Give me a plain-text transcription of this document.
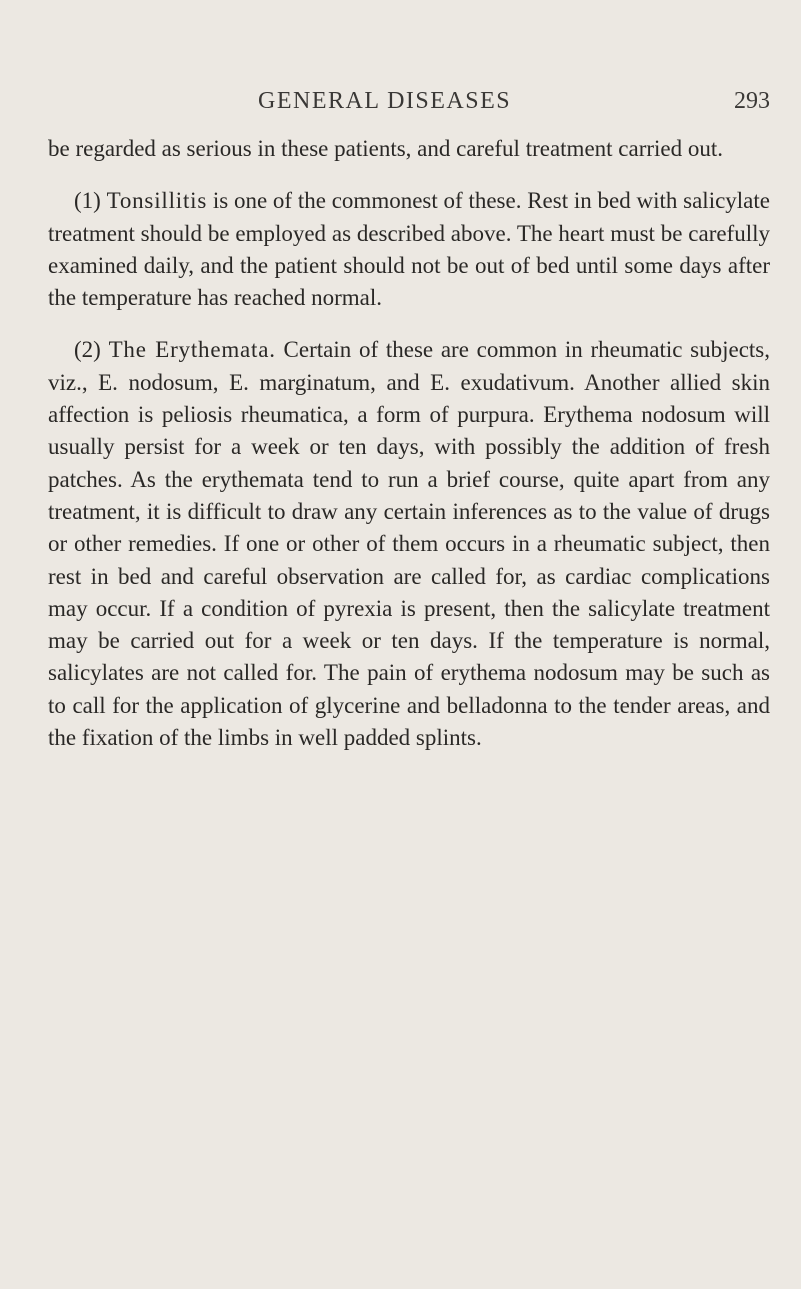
GENERAL DISEASES	293

be regarded as serious in these patients, and careful treatment carried out.

(1) Tonsillitis is one of the commonest of these. Rest in bed with salicylate treatment should be employed as described above. The heart must be carefully examined daily, and the patient should not be out of bed until some days after the temperature has reached normal.

(2) The Erythemata. Certain of these are common in rheumatic subjects, viz., E. nodosum, E. marginatum, and E. exudativum. Another allied skin affection is peliosis rheumatica, a form of purpura. Erythema nodosum will usually persist for a week or ten days, with possibly the addition of fresh patches. As the erythemata tend to run a brief course, quite apart from any treatment, it is difficult to draw any certain inferences as to the value of drugs or other remedies. If one or other of them occurs in a rheumatic subject, then rest in bed and careful observation are called for, as cardiac complications may occur. If a condition of pyrexia is present, then the salicylate treatment may be carried out for a week or ten days. If the temperature is normal, salicylates are not called for. The pain of erythema nodosum may be such as to call for the application of glycerine and belladonna to the tender areas, and the fixation of the limbs in well padded splints.
